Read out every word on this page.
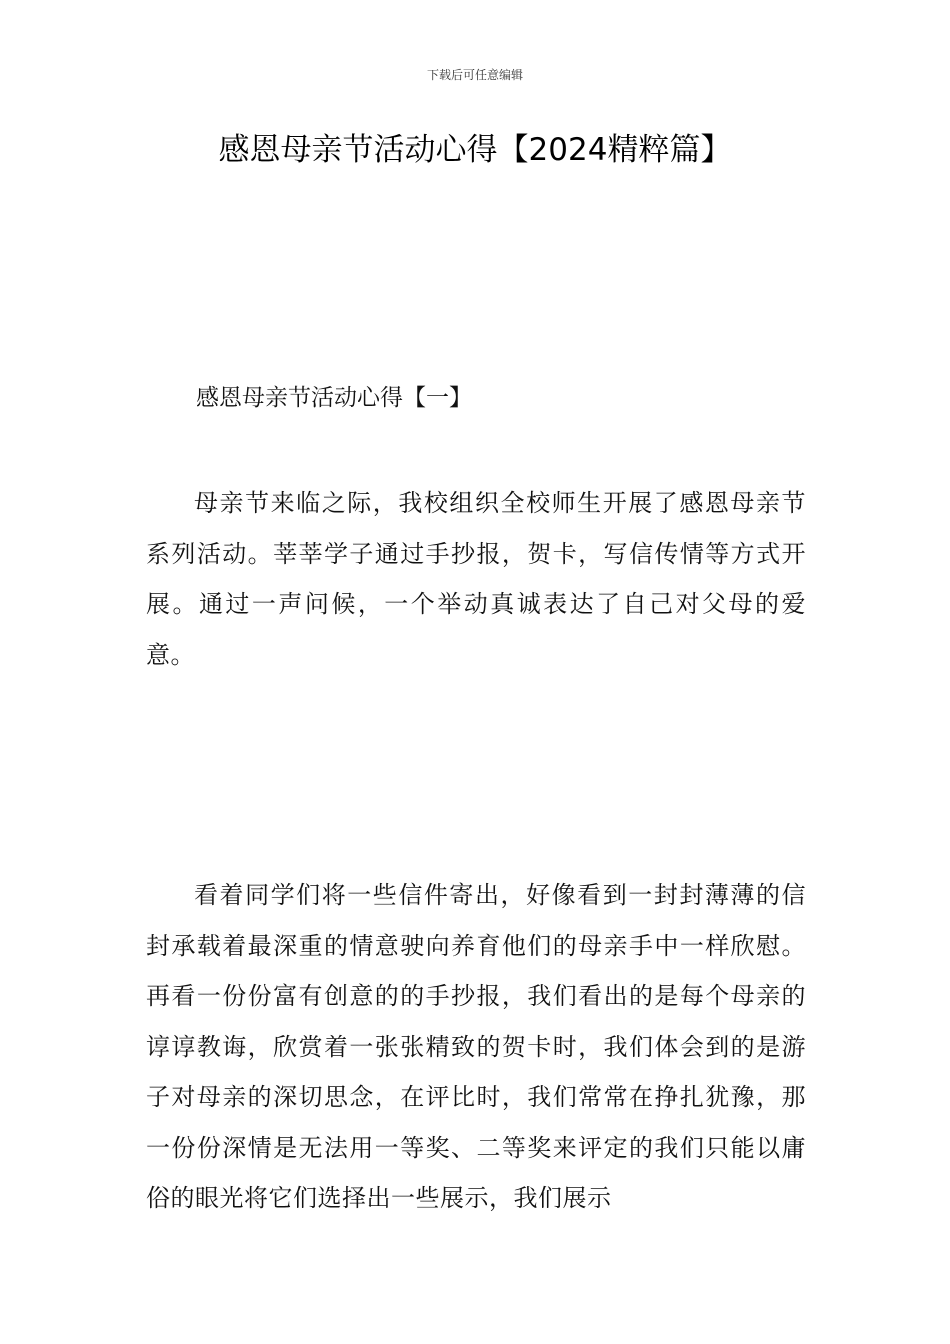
下载后可任意编辑
感恩母亲节活动心得【2024精粹篇】
感恩母亲节活动心得【一】

母亲节来临之际，我校组织全校师生开展了感恩母亲节系列活动。莘莘学子通过手抄报，贺卡，写信传情等方式开展。通过一声问候，一个举动真诚表达了自己对父母的爱意。

看着同学们将一些信件寄出，好像看到一封封薄薄的信封承载着最深重的情意驶向养育他们的母亲手中一样欣慰。再看一份份富有创意的的手抄报，我们看出的是每个母亲的谆谆教诲，欣赏着一张张精致的贺卡时，我们体会到的是游子对母亲的深切思念，在评比时，我们常常在挣扎犹豫，那一份份深情是无法用一等奖、二等奖来评定的我们只能以庸俗的眼光将它们选择出一些展示，我们展示
